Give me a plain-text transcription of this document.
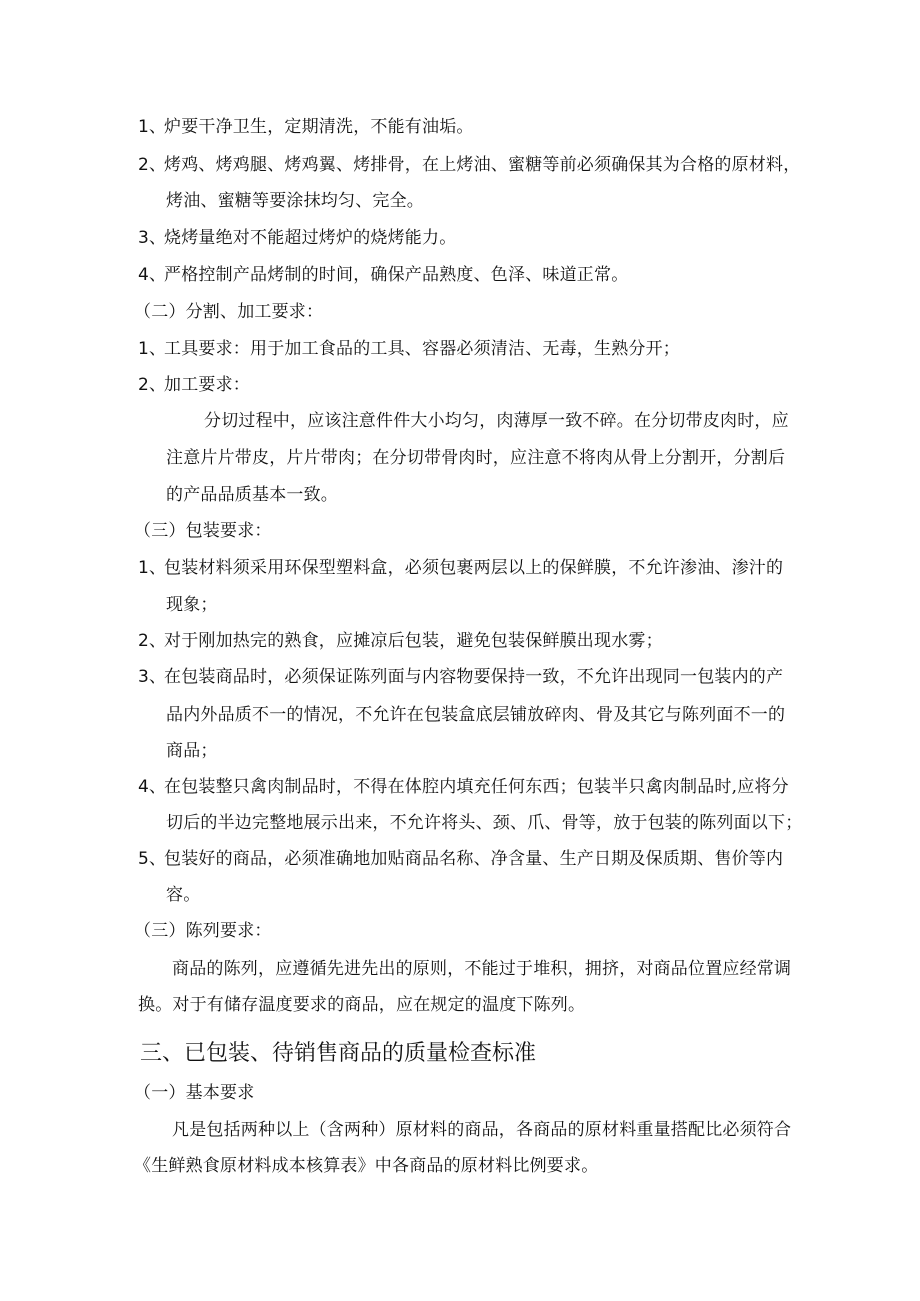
1、
炉要干净卫生，定期清洗，不能有油垢。
2、
烤鸡、烤鸡腿、烤鸡翼、烤排骨，在上烤油、蜜糖等前必须确保其为合格的原材料，
烤油、蜜糖等要涂抹均匀、完全。
3、
烧烤量绝对不能超过烤炉的烧烤能力。
4、
严格控制产品烤制的时间，确保产品熟度、色泽、味道正常。
（二）分割、加工要求：
1、
工具要求：用于加工食品的工具、容器必须清洁、无毒，生熟分开；
2、
加工要求：
分切过程中，应该注意件件大小均匀，肉薄厚一致不碎。在分切带皮肉时，应
注意片片带皮，片片带肉；在分切带骨肉时，应注意不将肉从骨上分割开，分割后
的产品品质基本一致。
（三）包装要求：
1、
包装材料须采用环保型塑料盒，必须包裹两层以上的保鲜膜，不允许渗油、渗汁的
现象；
2、
对于刚加热完的熟食，应摊凉后包装，避免包装保鲜膜出现水雾；
3、
在包装商品时，必须保证陈列面与内容物要保持一致，不允许出现同一包装内的产
品内外品质不一的情况，不允许在包装盒底层铺放碎肉、骨及其它与陈列面不一的
商品；
4、
在包装整只禽肉制品时，不得在体腔内填充任何东西；包装半只禽肉制品时,应将分
切后的半边完整地展示出来，不允许将头、颈、爪、骨等，放于包装的陈列面以下；
5、
包装好的商品，必须准确地加贴商品名称、净含量、生产日期及保质期、售价等内
容。
（三）陈列要求：
商品的陈列，应遵循先进先出的原则，不能过于堆积，拥挤，对商品位置应经常调
换。对于有储存温度要求的商品，应在规定的温度下陈列。
三、已包装、待销售商品的质量检查标准
（一）基本要求
凡是包括两种以上（含两种）原材料的商品，各商品的原材料重量搭配比必须符合
《生鲜熟食原材料成本核算表》中各商品的原材料比例要求。
